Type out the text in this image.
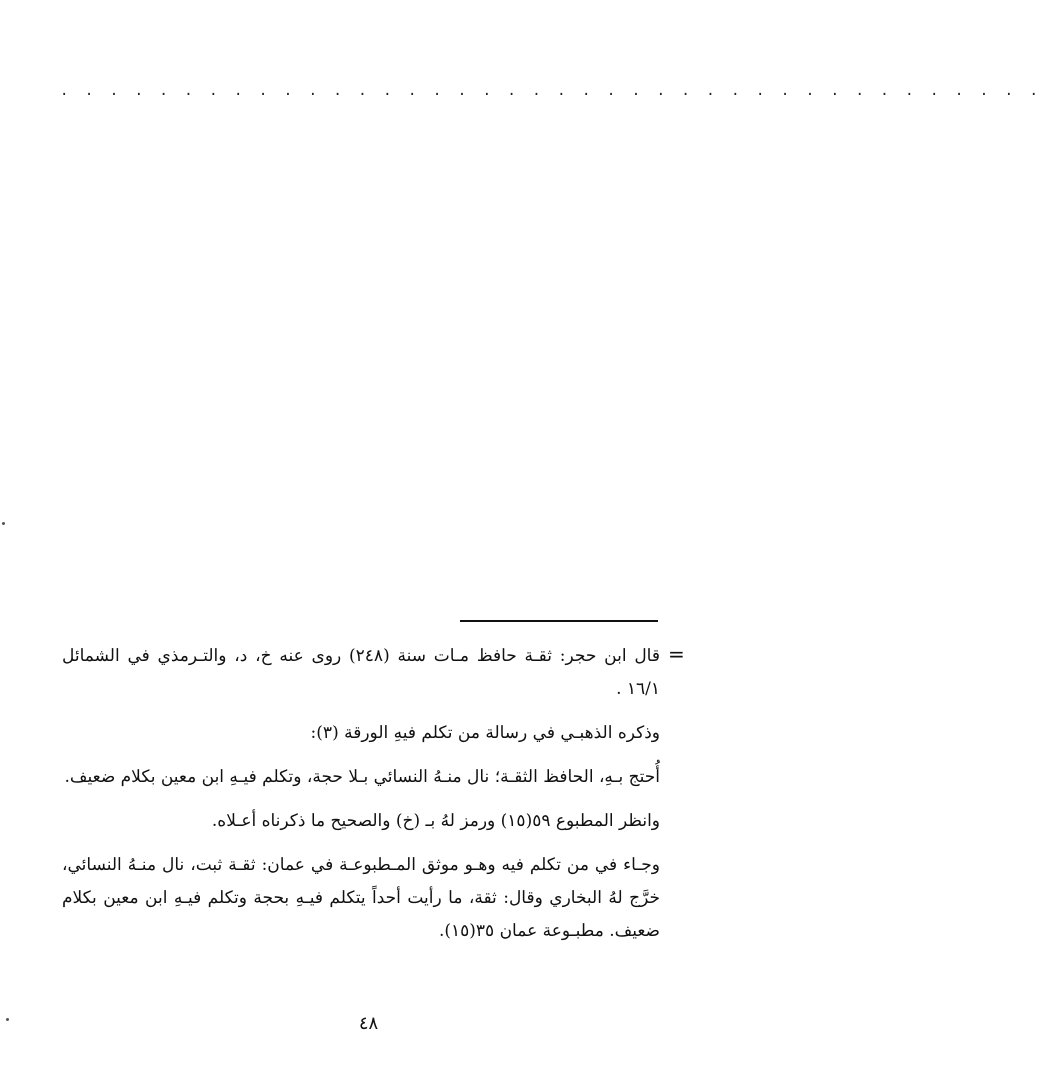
. . . . . . . . . . . . . . . . . . . . . . . . . . . . . . . . . . . . . . . .
=

قال ابن حجر: ثقـة حافظ مـات سنة (٢٤٨) روى عنه خ، د، والتـرمذي في الشمائل ١٦/١ .

وذكره الذهبـي في رسالة من تكلم فيهِ الورقة (٣):

أُحتج بـهِ، الحافظ الثقـة؛ نال منـهُ النسائي بـلا حجة، وتكلم فيـهِ ابن معين بكلام ضعيف.

وانظر المطبوع ٥٩(١٥) ورمز لهُ بـ (خ) والصحيح ما ذكرناه أعـلاه.

وجـاء في من تكلم فيه وهـو موثق المـطبوعـة في عمان: ثقـة ثبت، نال منـهُ النسائي، خرَّج لهُ البخاري وقال: ثقة، ما رأيت أحداً يتكلم فيـهِ بحجة وتكلم فيـهِ ابن معين بكلام ضعيف. مطبـوعة عمان ٣٥(١٥).

٤٨
